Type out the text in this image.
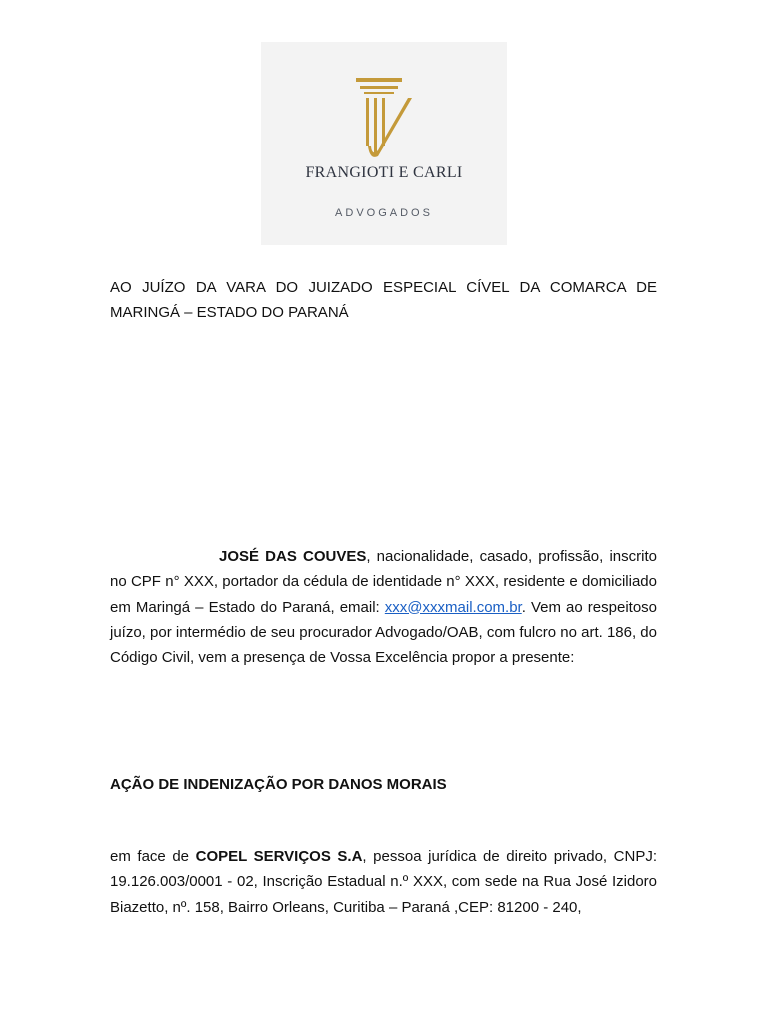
FRANGIOTI E CARLI
ADVOGADOS

AO JUÍZO DA VARA DO JUIZADO ESPECIAL CÍVEL DA COMARCA DE MARINGÁ – ESTADO DO PARANÁ

JOSÉ DAS COUVES, nacionalidade, casado, profissão, inscrito no CPF n° XXX, portador da cédula de identidade n° XXX, residente e domiciliado em Maringá – Estado do Paraná, email: xxx@xxxmail.com.br. Vem ao respeitoso juízo, por intermédio de seu procurador Advogado/OAB, com fulcro no art. 186, do Código Civil, vem a presença de Vossa Excelência propor a presente:

AÇÃO DE INDENIZAÇÃO POR DANOS MORAIS

em face de COPEL SERVIÇOS S.A, pessoa jurídica de direito privado, CNPJ: 19.126.003/0001 - 02, Inscrição Estadual n.º XXX, com sede na Rua José Izidoro Biazetto, nº. 158, Bairro Orleans, Curitiba – Paraná ,CEP: 81200 - 240,
